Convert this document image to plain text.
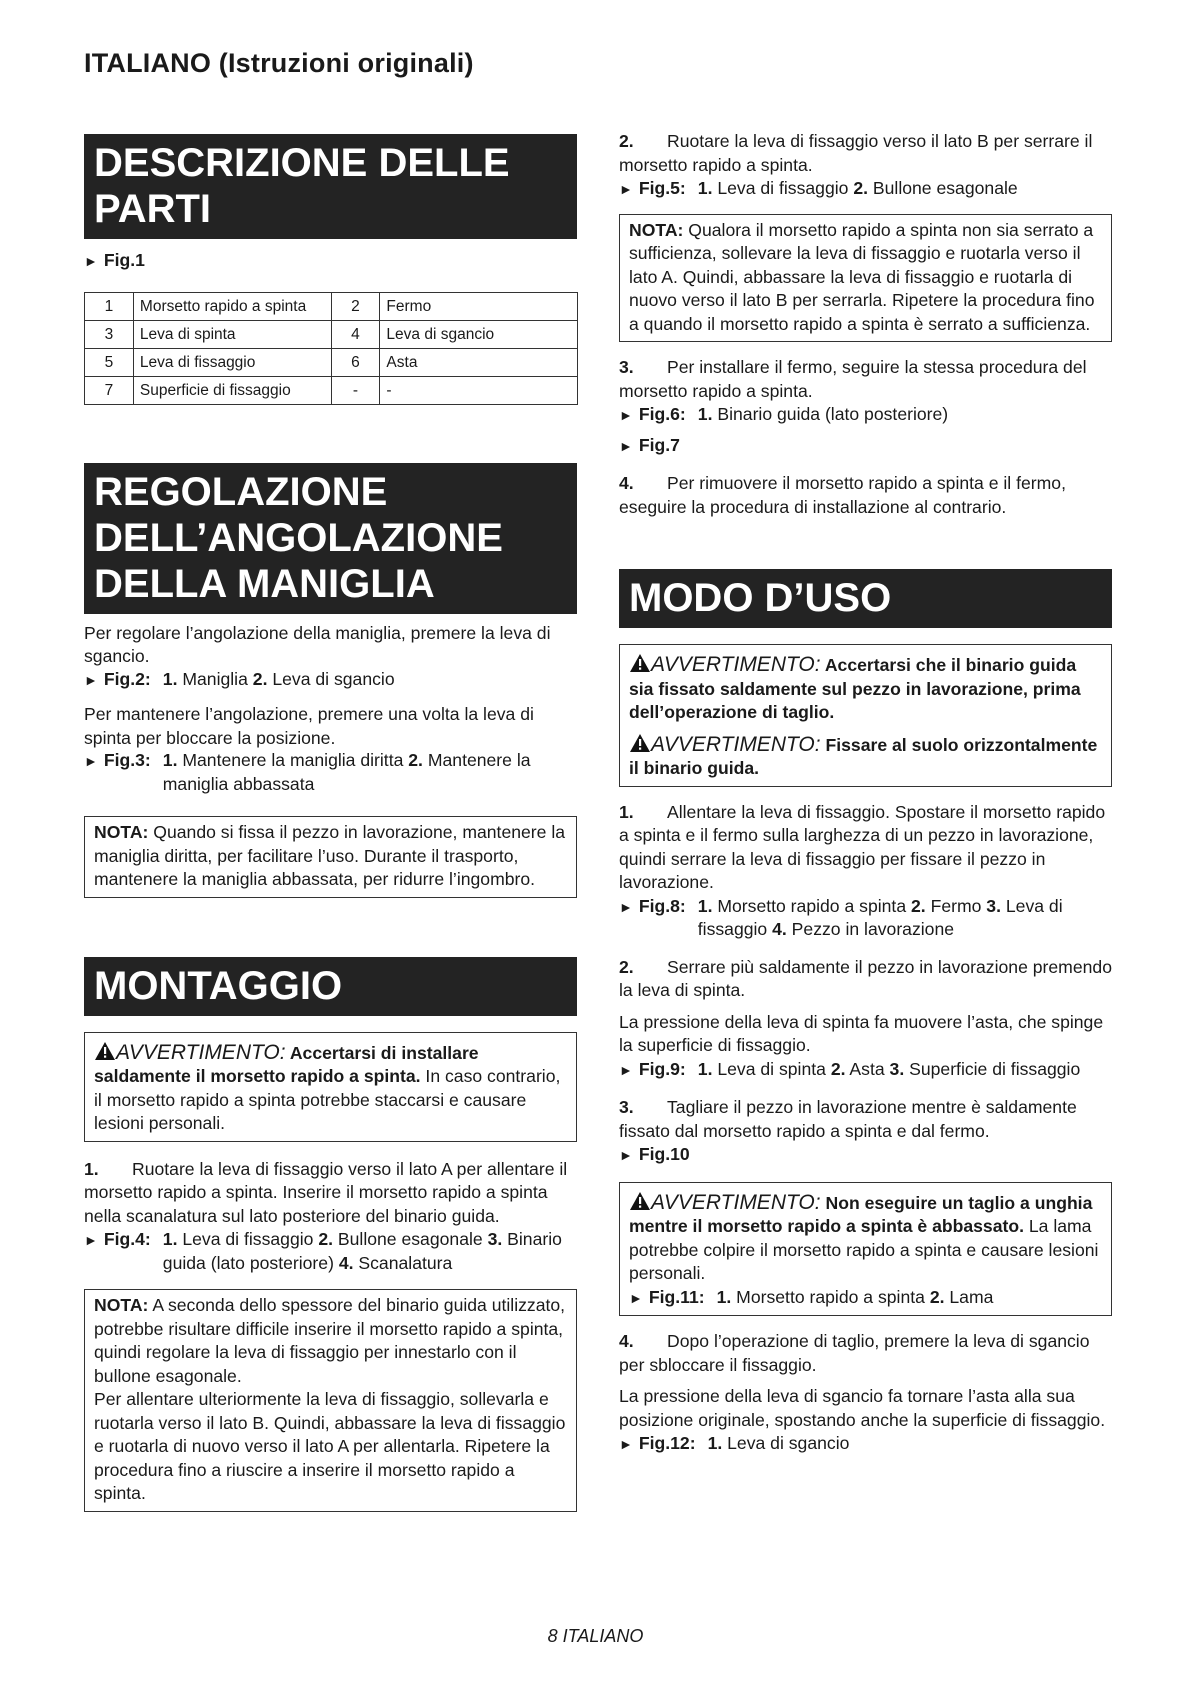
ITALIANO (Istruzioni originali)
DESCRIZIONE DELLE PARTI
► Fig.1
1	Morsetto rapido a spinta	2	Fermo
3	Leva di spinta	4	Leva di sgancio
5	Leva di fissaggio	6	Asta
7	Superficie di fissaggio	-	-
REGOLAZIONE DELL’ANGOLAZIONE DELLA MANIGLIA

Per regolare l’angolazione della maniglia, premere la leva di sgancio.

► Fig.2: 1. Maniglia 2. Leva di sgancio

Per mantenere l’angolazione, premere una volta la leva di spinta per bloccare la posizione.

► Fig.3: 1. Mantenere la maniglia diritta 2. Mantenere la maniglia abbassata
NOTA: Quando si fissa il pezzo in lavorazione, mantenere la maniglia diritta, per facilitare l’uso. Durante il trasporto, mantenere la maniglia abbassata, per ridurre l’ingombro.
MONTAGGIO
AVVERTIMENTO: Accertarsi di installare saldamente il morsetto rapido a spinta. In caso contrario, il morsetto rapido a spinta potrebbe staccarsi e causare lesioni personali.
1. Ruotare la leva di fissaggio verso il lato A per allentare il morsetto rapido a spinta. Inserire il morsetto rapido a spinta nella scanalatura sul lato posteriore del binario guida.
► Fig.4: 1. Leva di fissaggio 2. Bullone esagonale 3. Binario guida (lato posteriore) 4. Scanalatura
NOTA: A seconda dello spessore del binario guida utilizzato, potrebbe risultare difficile inserire il morsetto rapido a spinta, quindi regolare la leva di fissaggio per innestarlo con il bullone esagonale.
Per allentare ulteriormente la leva di fissaggio, sollevarla e ruotarla verso il lato B. Quindi, abbassare la leva di fissaggio e ruotarla di nuovo verso il lato A per allentarla. Ripetere la procedura fino a riuscire a inserire il morsetto rapido a spinta.
2. Ruotare la leva di fissaggio verso il lato B per serrare il morsetto rapido a spinta.
► Fig.5: 1. Leva di fissaggio 2. Bullone esagonale
NOTA: Qualora il morsetto rapido a spinta non sia serrato a sufficienza, sollevare la leva di fissaggio e ruotarla verso il lato A. Quindi, abbassare la leva di fissaggio e ruotarla di nuovo verso il lato B per serrarla. Ripetere la procedura fino a quando il morsetto rapido a spinta è serrato a sufficienza.
3. Per installare il fermo, seguire la stessa procedura del morsetto rapido a spinta.
► Fig.6: 1. Binario guida (lato posteriore)
► Fig.7
4. Per rimuovere il morsetto rapido a spinta e il fermo, eseguire la procedura di installazione al contrario.
MODO D’USO
AVVERTIMENTO: Accertarsi che il binario guida sia fissato saldamente sul pezzo in lavorazione, prima dell’operazione di taglio.
AVVERTIMENTO: Fissare al suolo orizzontalmente il binario guida.
1. Allentare la leva di fissaggio. Spostare il morsetto rapido a spinta e il fermo sulla larghezza di un pezzo in lavorazione, quindi serrare la leva di fissaggio per fissare il pezzo in lavorazione.
► Fig.8: 1. Morsetto rapido a spinta 2. Fermo 3. Leva di fissaggio 4. Pezzo in lavorazione
2. Serrare più saldamente il pezzo in lavorazione premendo la leva di spinta.

La pressione della leva di spinta fa muovere l’asta, che spinge la superficie di fissaggio.

► Fig.9: 1. Leva di spinta 2. Asta 3. Superficie di fissaggio
3. Tagliare il pezzo in lavorazione mentre è saldamente fissato dal morsetto rapido a spinta e dal fermo.
► Fig.10
AVVERTIMENTO: Non eseguire un taglio a unghia mentre il morsetto rapido a spinta è abbassato. La lama potrebbe colpire il morsetto rapido a spinta e causare lesioni personali.
► Fig.11: 1. Morsetto rapido a spinta 2. Lama
4. Dopo l’operazione di taglio, premere la leva di sgancio per sbloccare il fissaggio.

La pressione della leva di sgancio fa tornare l’asta alla sua posizione originale, spostando anche la superficie di fissaggio.

► Fig.12: 1. Leva di sgancio
8 ITALIANO
